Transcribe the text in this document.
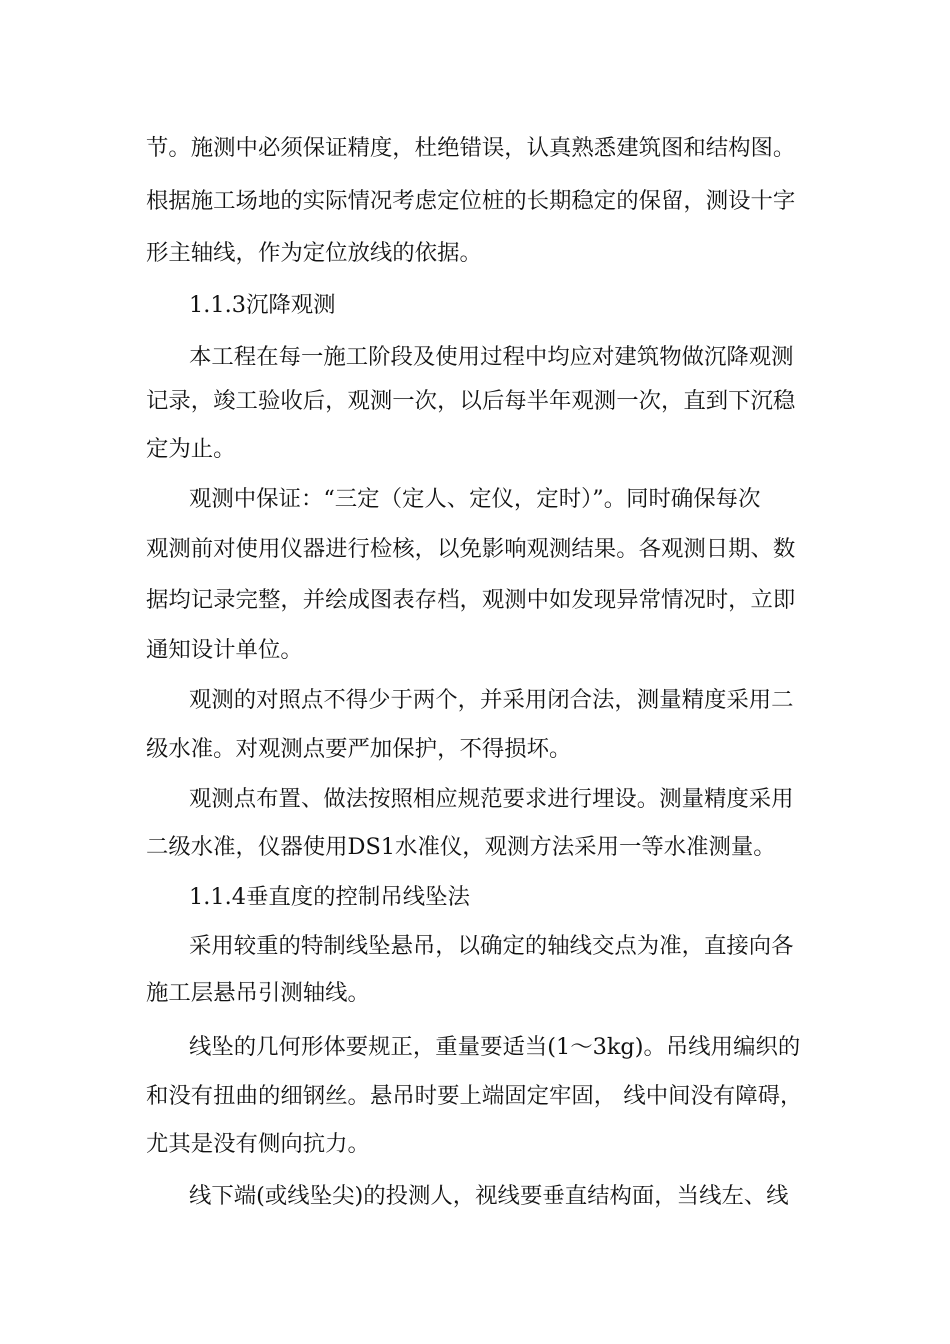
节。施测中必须保证精度，杜绝错误，认真熟悉建筑图和结构图。
根据施工场地的实际情况考虑定位桩的长期稳定的保留，测设十字
形主轴线，作为定位放线的依据。
1.1.3沉降观测
本工程在每一施工阶段及使用过程中均应对建筑物做沉降观测
记录，竣工验收后，观测一次，以后每半年观测一次，直到下沉稳
定为止。
观测中保证：“三定（定人、定仪，定时）”。同时确保每次
观测前对使用仪器进行检核，以免影响观测结果。各观测日期、数
据均记录完整，并绘成图表存档，观测中如发现异常情况时，立即
通知设计单位。
观测的对照点不得少于两个，并采用闭合法，测量精度采用二
级水准。对观测点要严加保护，不得损坏。
观测点布置、做法按照相应规范要求进行埋设。测量精度采用
二级水准，仪器使用DS1水准仪，观测方法采用一等水准测量。
1.1.4垂直度的控制吊线坠法
采用较重的特制线坠悬吊，以确定的轴线交点为准，直接向各
施工层悬吊引测轴线。
线坠的几何形体要规正，重量要适当(1～3kg)。吊线用编织的
和没有扭曲的细钢丝。悬吊时要上端固定牢固， 线中间没有障碍，
尤其是没有侧向抗力。
线下端(或线坠尖)的投测人，视线要垂直结构面，当线左、线
